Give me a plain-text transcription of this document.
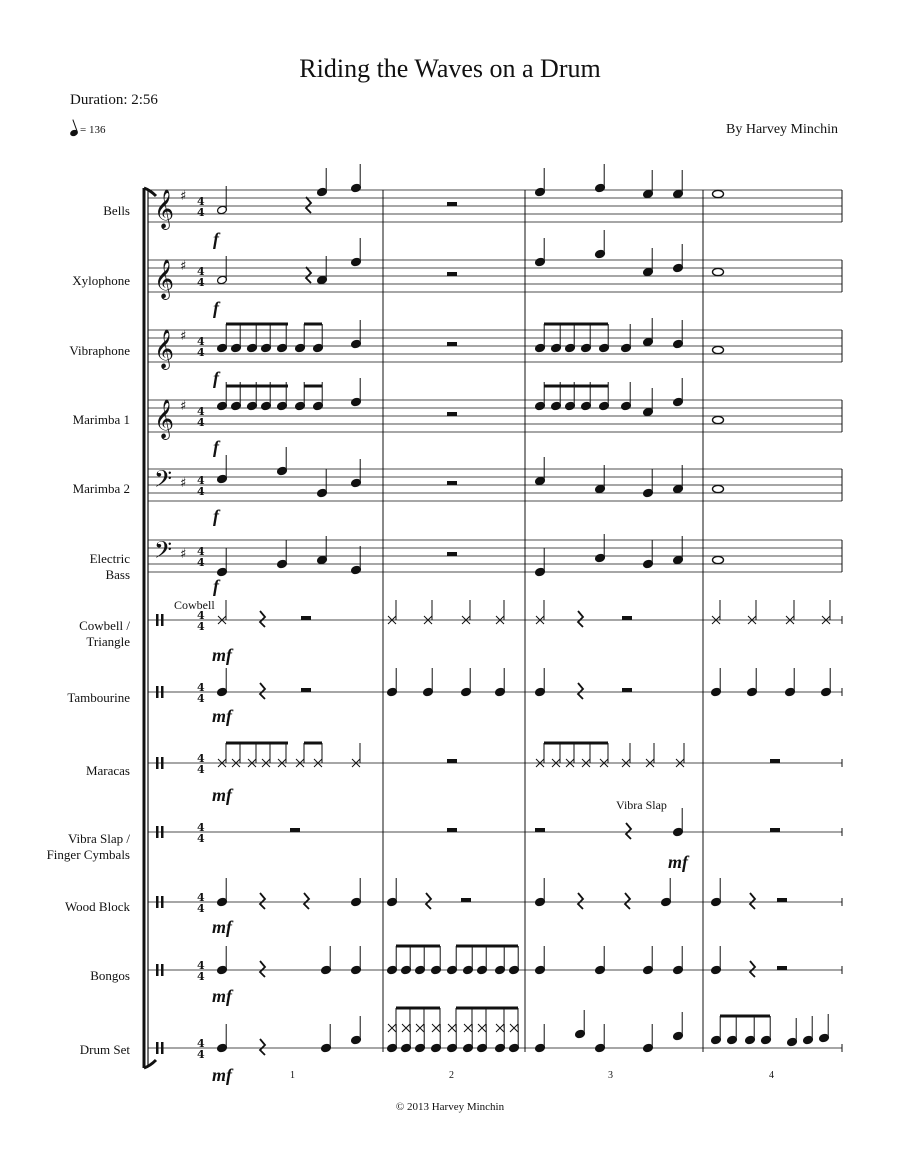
Riding the Waves on a Drum
Duration: 2:56
= 136	By Harvey Minchin
Bells
Xylophone
Vibraphone
Marimba 1
Marimba 2
Electric
Bass
Cowbell /
Triangle
Tambourine
Maracas
Vibra Slap /
Finger Cymbals
Wood Block
Bongos
Drum Set
f
f
f
f
f
f
mf
mf
mf
mf
mf
mf
mf
Cowbell
Vibra Slap
1	2	3	4
© 2013 Harvey Minchin
𝄞 ♯
𝄞 ♯
𝄞 ♯
𝄞 ♯
𝄢 ♯
𝄢 ♯
4
4
4
4
4
4
4
4
4
4
4
4
4
4
4
4
4
4
4
4
4
4
4
4
4
4
